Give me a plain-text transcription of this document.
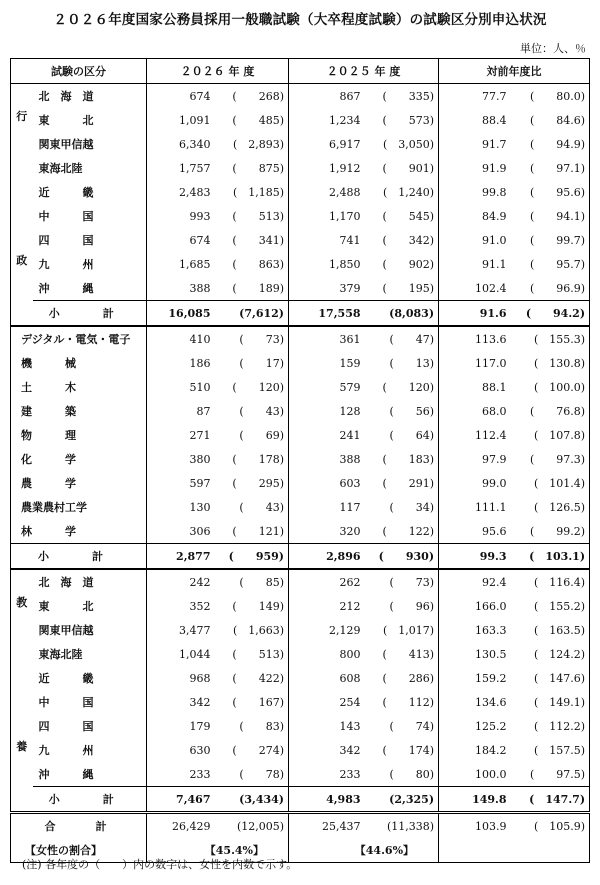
２０２６年度国家公務員採用一般職試験（大卒程度試験）の試験区分別申込状況
単位：人、％
試験の区分		２０２６ 年 度		２０２５ 年 度		対前年度比	
	北　海　道	674	(　　268)	867	(　　335)	77.7	(　　80.0)
行	東　　　北	1,091	(　　485)	1,234	(　　573)	88.4	(　　84.6)
	関東甲信越	6,340	(　2,893)	6,917	(　3,050)	91.7	(　　94.9)
	東海北陸	1,757	(　　875)	1,912	(　　901)	91.9	(　　97.1)
	近　　　畿	2,483	(　1,185)	2,488	(　1,240)	99.8	(　　95.6)
	中　　　国	993	(　　513)	1,170	(　　545)	84.9	(　　94.1)
	四　　　国	674	(　　341)	741	(　　342)	91.0	(　　99.7)
政	九　　　州	1,685	(　　863)	1,850	(　　902)	91.1	(　　95.7)
	沖　　　縄	388	(　　189)	379	(　　195)	102.4	(　　96.9)
	小　計	16,085	(7,612)	17,558	(8,083)	91.6	(　　94.2)
デジタル・電気・電子		410	(　　73)	361	(　　47)	113.6	(　155.3)
機　　　械		186	(　　17)	159	(　　13)	117.0	(　130.8)
土　　　木		510	(　　120)	579	(　　120)	88.1	(　100.0)
建　　　築		87	(　　43)	128	(　　56)	68.0	(　　76.8)
物　　　理		271	(　　69)	241	(　　64)	112.4	(　107.8)
化　　　学		380	(　　178)	388	(　　183)	97.9	(　　97.3)
農　　　学		597	(　　295)	603	(　　291)	99.0	(　101.4)
農業農村工学		130	(　　43)	117	(　　34)	111.1	(　126.5)
林　　　学		306	(　　121)	320	(　　122)	95.6	(　　99.2)
小　計		2,877	(　　959)	2,896	(　　930)	99.3	(　103.1)
	北　海　道	242	(　　85)	262	(　　73)	92.4	(　116.4)
教	東　　　北	352	(　　149)	212	(　　96)	166.0	(　155.2)
	関東甲信越	3,477	(　1,663)	2,129	(　1,017)	163.3	(　163.5)
	東海北陸	1,044	(　　513)	800	(　　413)	130.5	(　124.2)
	近　　　畿	968	(　　422)	608	(　　286)	159.2	(　147.6)
	中　　　国	342	(　　167)	254	(　　112)	134.6	(　149.1)
	四　　　国	179	(　　83)	143	(　　74)	125.2	(　112.2)
養	九　　　州	630	(　　274)	342	(　　174)	184.2	(　157.5)
	沖　　　縄	233	(　　78)	233	(　　80)	100.0	(　　97.5)
	小　計	7,467	(3,434)	4,983	(2,325)	149.8	(　147.7)
合　　計		26,429	(12,005)	25,437	(11,338)	103.9	(　105.9)
【女性の割合】		【45.4%】		【44.6%】			
(注) 各年度の（　　）内の数字は、女性を内数で示す。
